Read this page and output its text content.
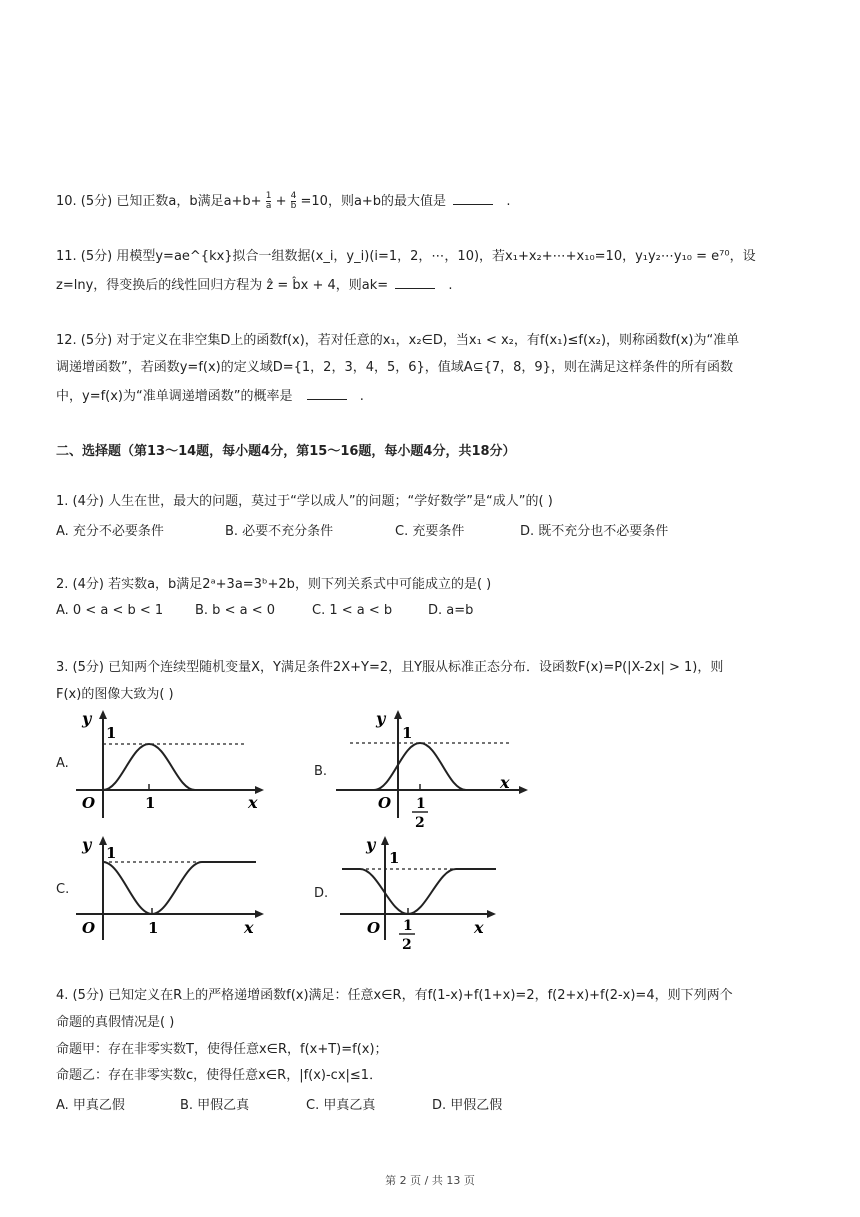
10. (5分) 已知正数a，b满足$a+b+ \frac{1}{a} + \frac{4}{b} =10$，则a+b的最大值是	.
11. (5分) 用模型y=ae^{kx}拟合一组数据(x_i，y_i)(i=1，2，⋯，10)，若x₁+x₂+⋯+x₁₀=10，y₁y₂⋯y₁₀ = e⁷⁰，设
z=lny，得变换后的线性回归方程为 ẑ = b̂x + 4，则ak=	.
12. (5分) 对于定义在非空集D上的函数f(x)，若对任意的x₁，x₂∈D，当x₁ < x₂，有f(x₁)≤f(x₂)，则称函数f(x)为“准单
调递增函数”，若函数y=f(x)的定义域D={1，2，3，4，5，6}，值域A⊆{7，8，9}，则在满足这样条件的所有函数
中，y=f(x)为“准单调递增函数”的概率是	.
二、选择题（第13～14题，每小题4分，第15～16题，每小题4分，共18分）
1. (4分) 人生在世，最大的问题，莫过于“学以成人”的问题；“学好数学”是“成人”的( )
A. 充分不必要条件	B. 必要不充分条件	C. 充要条件	D. 既不充分也不必要条件
2. (4分) 若实数a，b满足2ᵃ+3a=3ᵇ+2b，则下列关系式中可能成立的是( )
A. 0 < a < b < 1 B. b < a < 0	C. 1 < a < b	D. a=b
3. (5分) 已知两个连续型随机变量X，Y满足条件2X+Y=2，且Y服从标准正态分布．设函数F(x)=P(|X-2x| > 1)，则
F(x)的图像大致为( )
A.
B.
C.	D.
y
1
O	1	x
y
1
O 1
2
x
y 1
O	1	x
y
1
O 1
2
x
4. (5分) 已知定义在R上的严格递增函数f(x)满足：任意x∈R，有f(1-x)+f(1+x)=2，f(2+x)+f(2-x)=4，则下列两个
命题的真假情况是( )
命题甲：存在非零实数T，使得任意x∈R，f(x+T)=f(x)；
命题乙：存在非零实数c，使得任意x∈R，|f(x)-cx|≤1．
A. 甲真乙假	B. 甲假乙真	C. 甲真乙真	D. 甲假乙假
第 2 页 / 共 13 页
